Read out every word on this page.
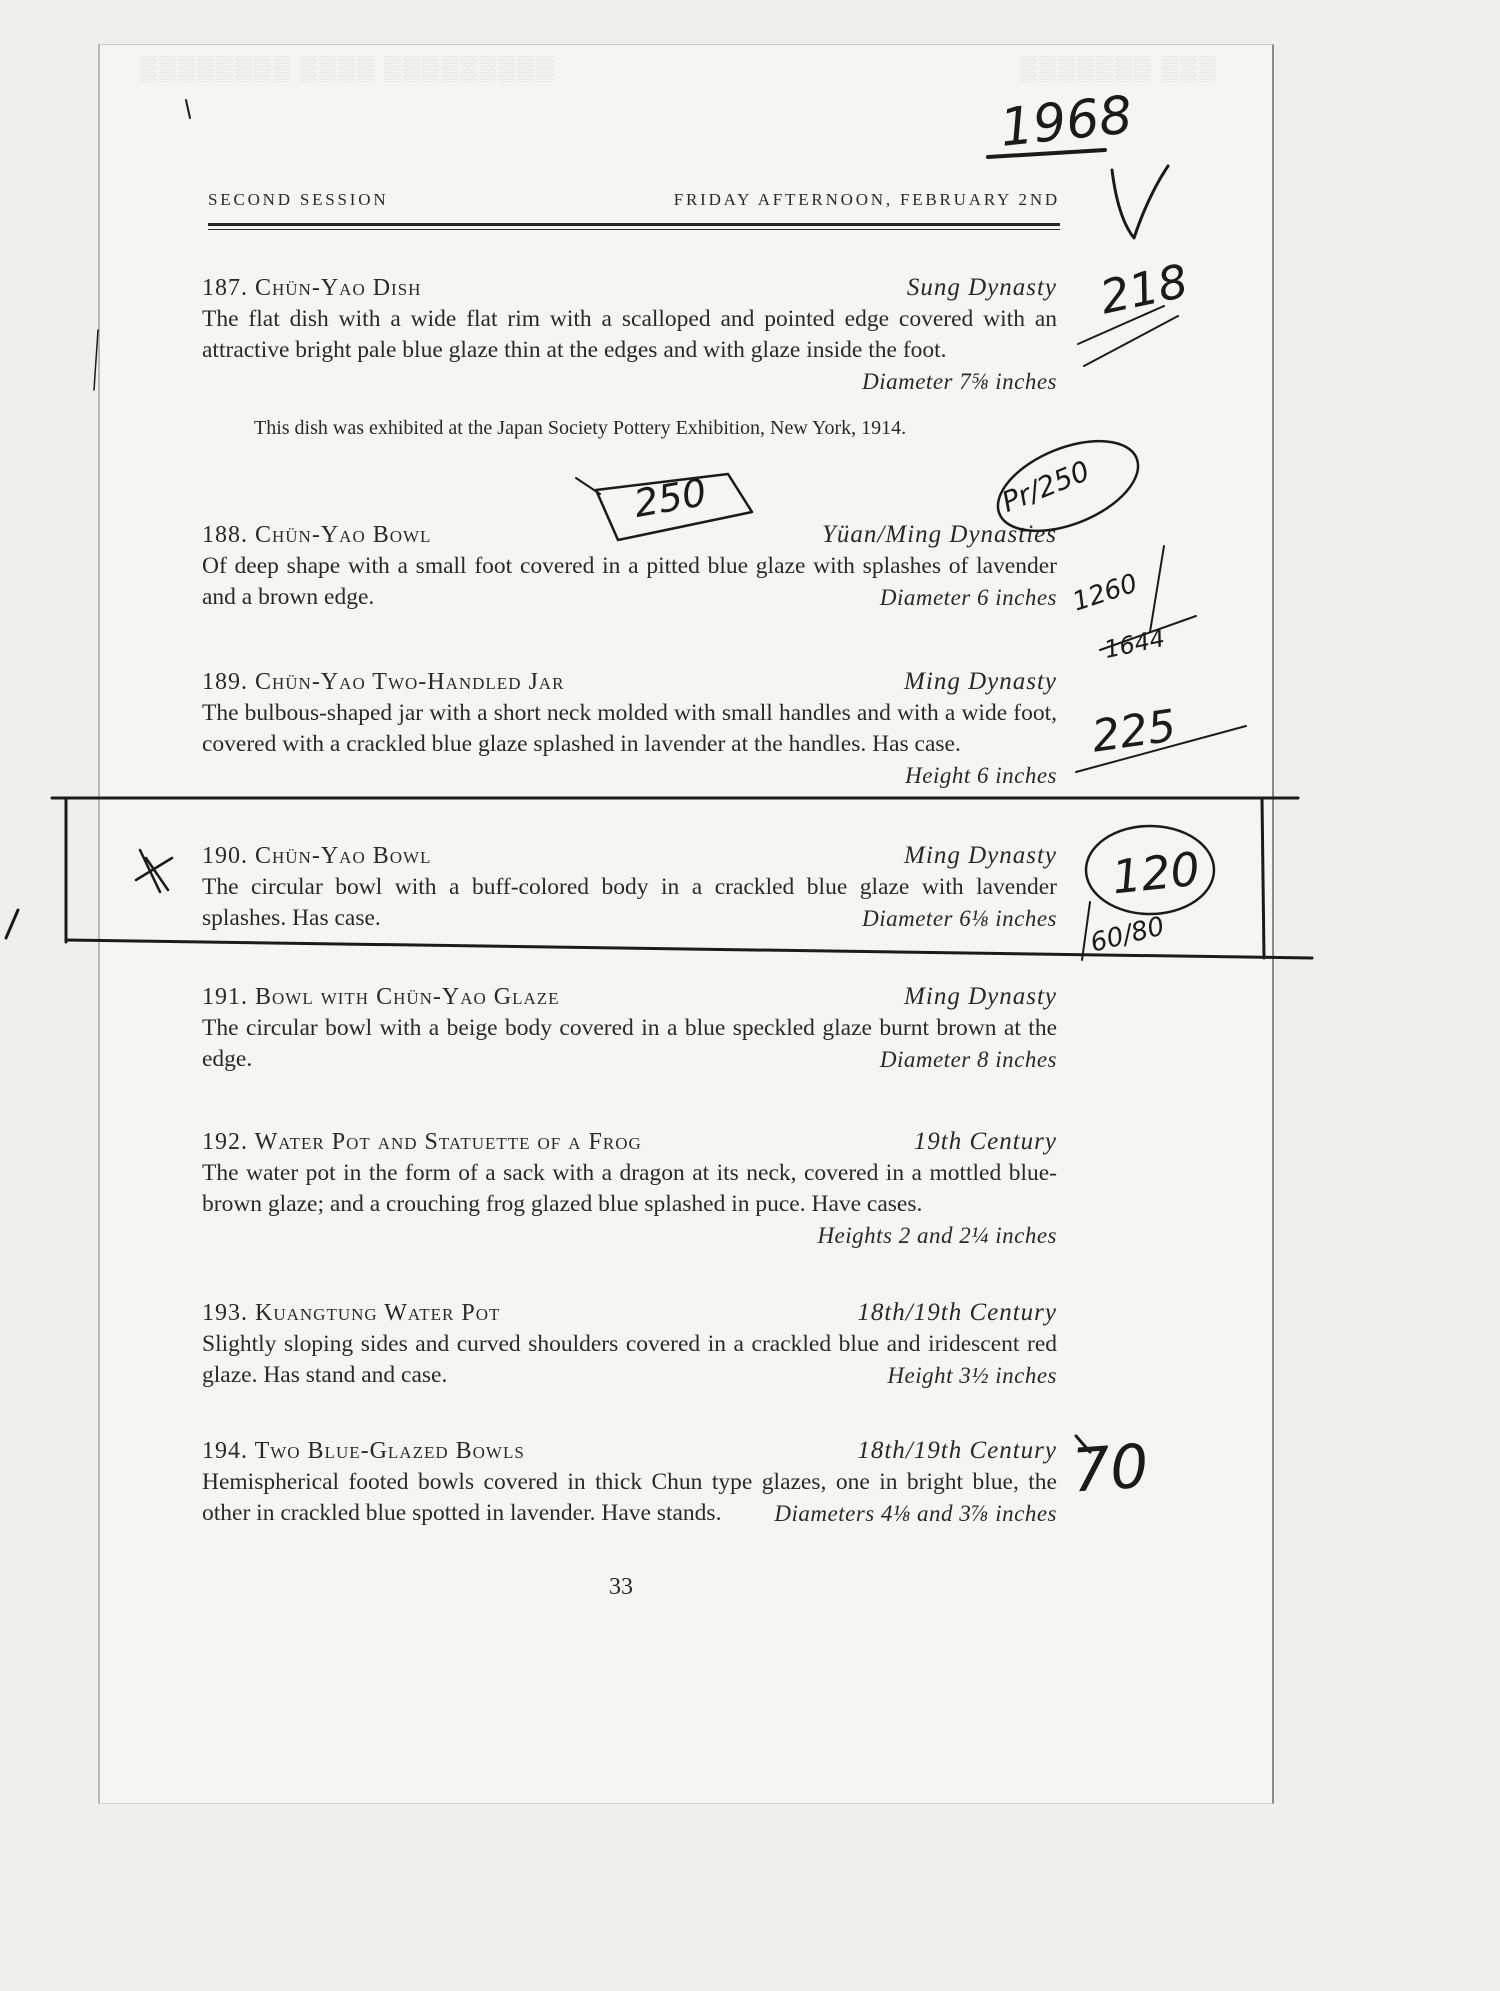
▒▒▒▒▒▒▒▒ ▒▒▒▒ ▒▒▒▒▒▒▒▒▒	▒▒▒▒▒▒▒ ▒▒▒
SECOND SESSION	FRIDAY AFTERNOON, FEBRUARY 2ND
187. Chün-Yao Dish	Sung Dynasty
The flat dish with a wide flat rim with a scalloped and pointed edge covered with an attractive bright pale blue glaze thin at the edges and with glaze inside the foot.
Diameter 7⅝ inches
This dish was exhibited at the Japan Society Pottery Exhibition, New York, 1914.
188. Chün-Yao Bowl	Yüan/Ming Dynasties
Of deep shape with a small foot covered in a pitted blue glaze with splashes of lavender and a brown edge.	Diameter 6 inches
189. Chün-Yao Two-Handled Jar	Ming Dynasty
The bulbous-shaped jar with a short neck molded with small handles and with a wide foot, covered with a crackled blue glaze splashed in lavender at the handles. Has case.
Height 6 inches
190. Chün-Yao Bowl	Ming Dynasty
The circular bowl with a buff-colored body in a crackled blue glaze with lavender splashes. Has case.	Diameter 6⅛ inches
191. Bowl with Chün-Yao Glaze	Ming Dynasty
The circular bowl with a beige body covered in a blue speckled glaze burnt brown at the edge.	Diameter 8 inches
192. Water Pot and Statuette of a Frog	19th Century
The water pot in the form of a sack with a dragon at its neck, covered in a mottled blue-brown glaze; and a crouching frog glazed blue splashed in puce. Have cases.
Heights 2 and 2¼ inches
193. Kuangtung Water Pot	18th/19th Century
Slightly sloping sides and curved shoulders covered in a crackled blue and iridescent red glaze. Has stand and case.	Height 3½ inches
194. Two Blue-Glazed Bowls	18th/19th Century
Hemispherical footed bowls covered in thick Chun type glazes, one in bright blue, the other in crackled blue spotted in lavender. Have stands. Diameters 4⅛ and 3⅞ inches
33
1968
218
250	Pr/250
1260
1644
225
120
60/80
70
